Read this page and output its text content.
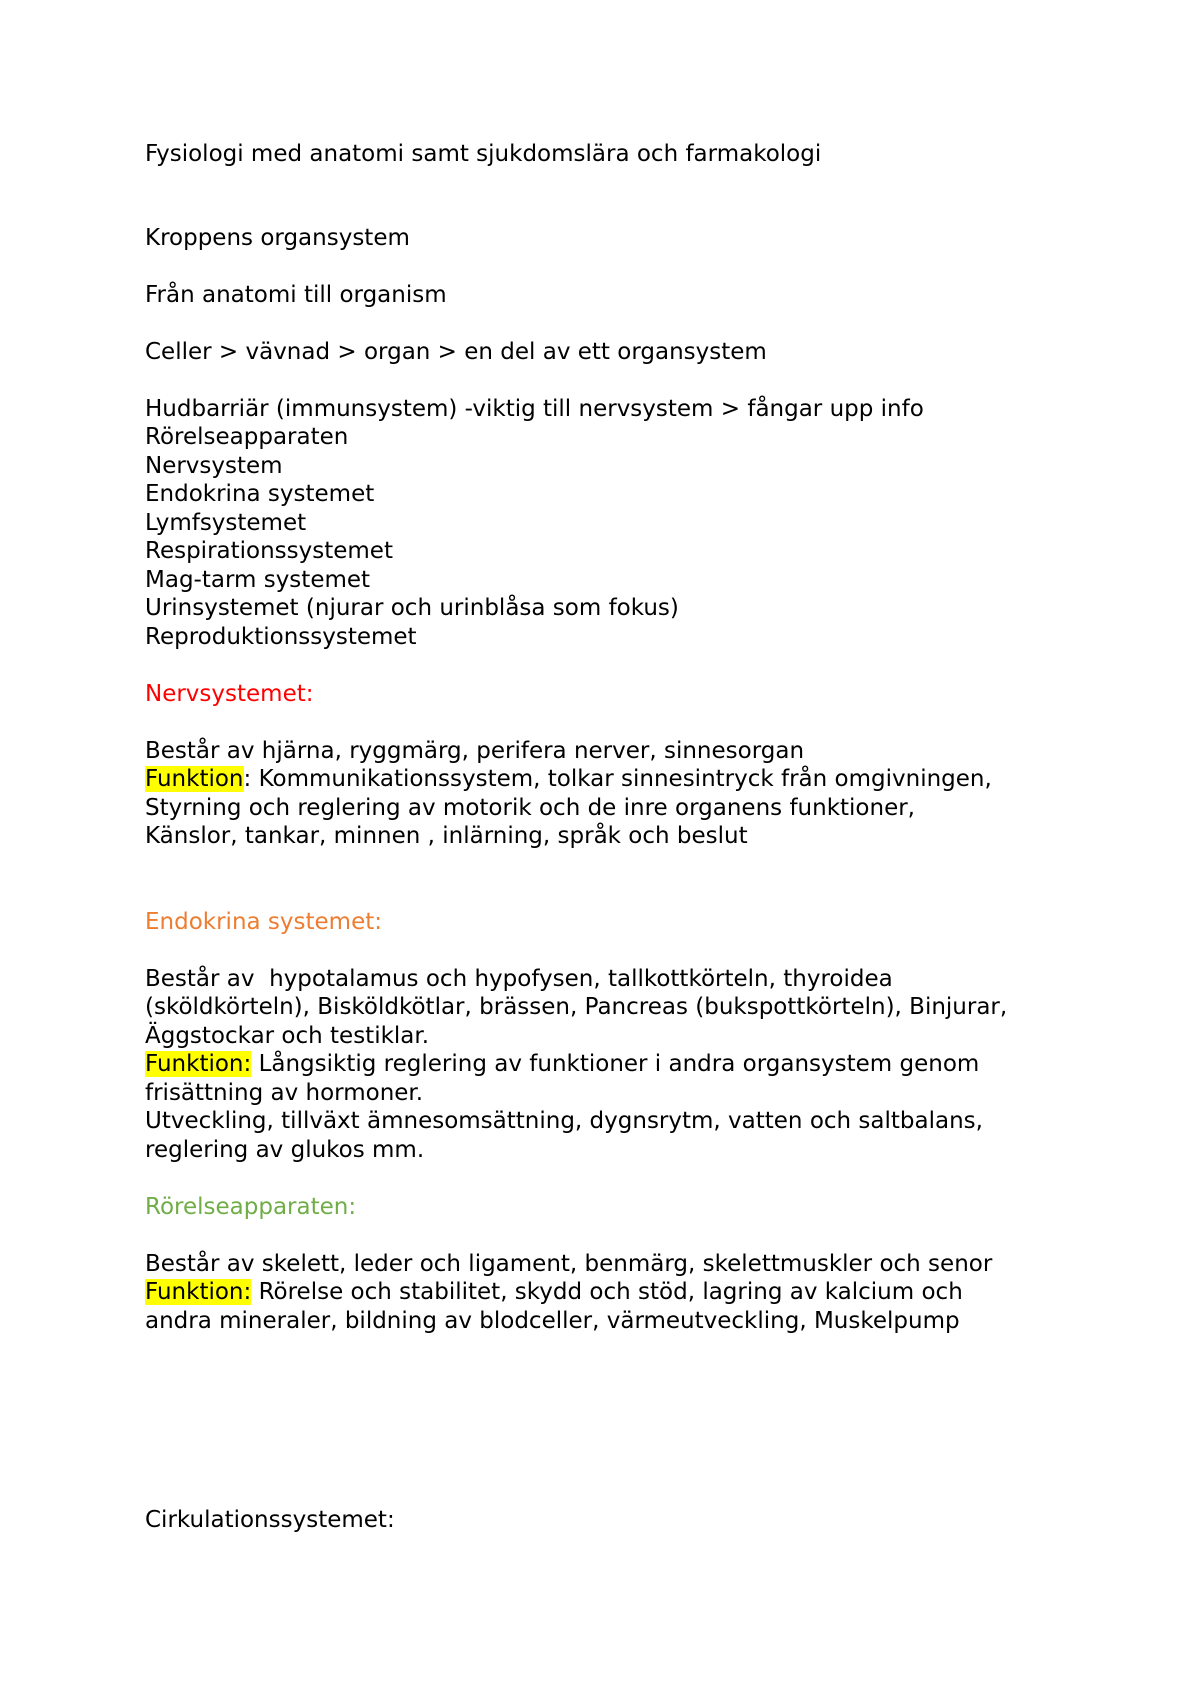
Fysiologi med anatomi samt sjukdomslära och farmakologi

Kroppens organsystem

Från anatomi till organism

Celler > vävnad > organ > en del av ett organsystem

Hudbarriär (immunsystem) -viktig till nervsystem > fångar upp info

Rörelseapparaten

Nervsystem

Endokrina systemet

Lymfsystemet

Respirationssystemet

Mag-tarm systemet

Urinsystemet (njurar och urinblåsa som fokus)

Reproduktionssystemet

Nervsystemet:

Består av hjärna, ryggmärg, perifera nerver, sinnesorgan

Funktion: Kommunikationssystem, tolkar sinnesintryck från omgivningen,

Styrning och reglering av motorik och de inre organens funktioner,

Känslor, tankar, minnen , inlärning, språk och beslut

Endokrina systemet:

Består av  hypotalamus och hypofysen, tallkottkörteln, thyroidea

(sköldkörteln), Bisköldkötlar, brässen, Pancreas (bukspottkörteln), Binjurar,

Äggstockar och testiklar.

Funktion: Långsiktig reglering av funktioner i andra organsystem genom

frisättning av hormoner.

Utveckling, tillväxt ämnesomsättning, dygnsrytm, vatten och saltbalans,

reglering av glukos mm.

Rörelseapparaten:

Består av skelett, leder och ligament, benmärg, skelettmuskler och senor

Funktion: Rörelse och stabilitet, skydd och stöd, lagring av kalcium och

andra mineraler, bildning av blodceller, värmeutveckling, Muskelpump

Cirkulationssystemet:
